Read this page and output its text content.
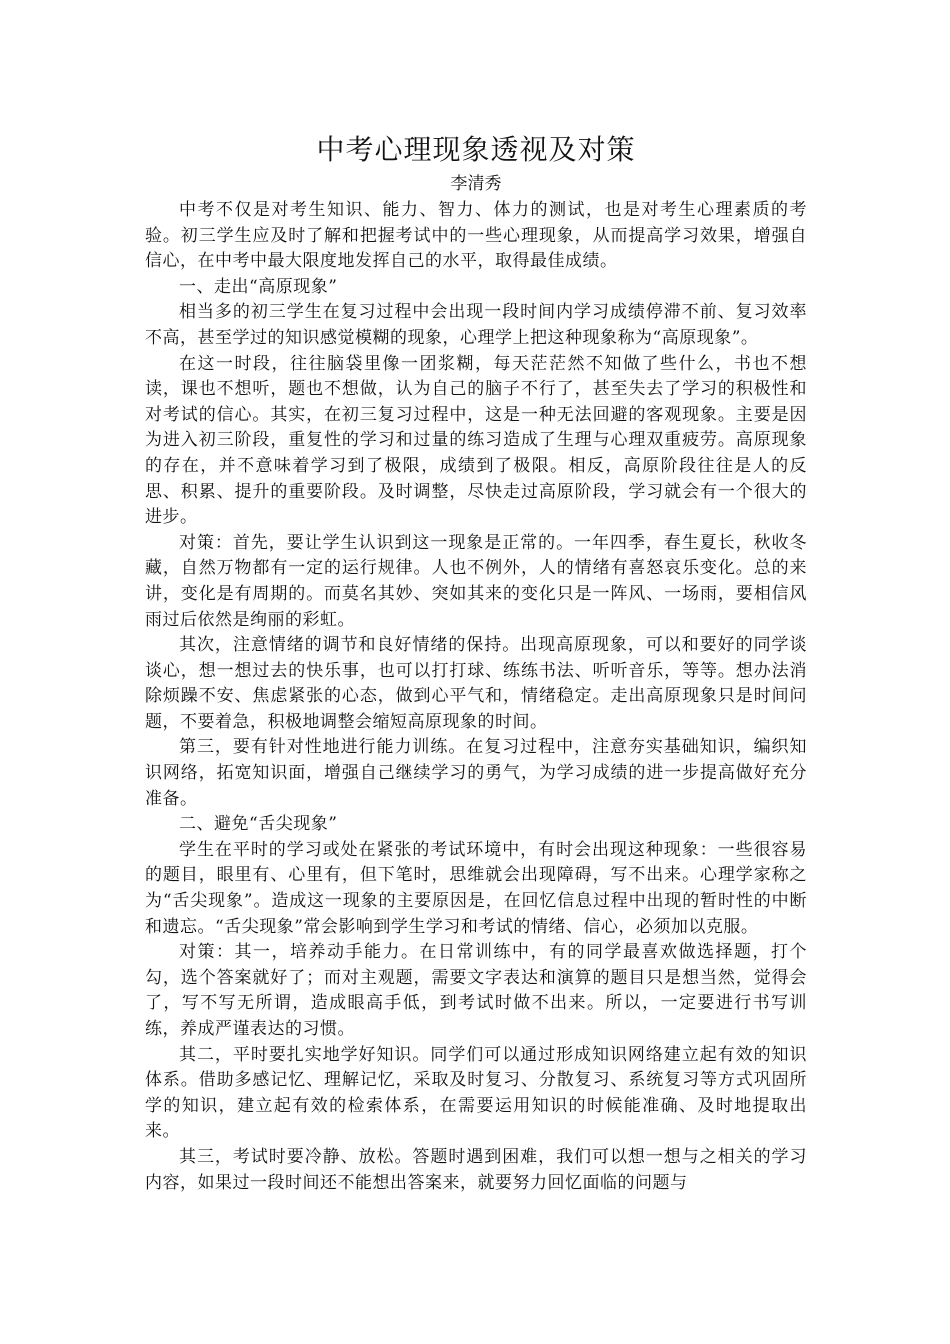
中考心理现象透视及对策
李清秀

中考不仅是对考生知识、能力、智力、体力的测试，也是对考生心理素质的考验。初三学生应及时了解和把握考试中的一些心理现象，从而提高学习效果，增强自信心，在中考中最大限度地发挥自己的水平，取得最佳成绩。

一、走出“高原现象”

相当多的初三学生在复习过程中会出现一段时间内学习成绩停滞不前、复习效率不高，甚至学过的知识感觉模糊的现象，心理学上把这种现象称为“高原现象”。

在这一时段，往往脑袋里像一团浆糊，每天茫茫然不知做了些什么，书也不想读，课也不想听，题也不想做，认为自己的脑子不行了，甚至失去了学习的积极性和对考试的信心。其实，在初三复习过程中，这是一种无法回避的客观现象。主要是因为进入初三阶段，重复性的学习和过量的练习造成了生理与心理双重疲劳。高原现象的存在，并不意味着学习到了极限，成绩到了极限。相反，高原阶段往往是人的反思、积累、提升的重要阶段。及时调整，尽快走过高原阶段，学习就会有一个很大的进步。

对策：首先，要让学生认识到这一现象是正常的。一年四季，春生夏长，秋收冬藏，自然万物都有一定的运行规律。人也不例外，人的情绪有喜怒哀乐变化。总的来讲，变化是有周期的。而莫名其妙、突如其来的变化只是一阵风、一场雨，要相信风雨过后依然是绚丽的彩虹。

其次，注意情绪的调节和良好情绪的保持。出现高原现象，可以和要好的同学谈谈心，想一想过去的快乐事，也可以打打球、练练书法、听听音乐，等等。想办法消除烦躁不安、焦虑紧张的心态，做到心平气和，情绪稳定。走出高原现象只是时间问题，不要着急，积极地调整会缩短高原现象的时间。

第三，要有针对性地进行能力训练。在复习过程中，注意夯实基础知识，编织知识网络，拓宽知识面，增强自己继续学习的勇气，为学习成绩的进一步提高做好充分准备。

二、避免“舌尖现象”

学生在平时的学习或处在紧张的考试环境中，有时会出现这种现象：一些很容易的题目，眼里有、心里有，但下笔时，思维就会出现障碍，写不出来。心理学家称之为“舌尖现象”。造成这一现象的主要原因是，在回忆信息过程中出现的暂时性的中断和遗忘。“舌尖现象”常会影响到学生学习和考试的情绪、信心，必须加以克服。

对策：其一，培养动手能力。在日常训练中，有的同学最喜欢做选择题，打个勾，选个答案就好了；而对主观题，需要文字表达和演算的题目只是想当然，觉得会了，写不写无所谓，造成眼高手低，到考试时做不出来。所以，一定要进行书写训练，养成严谨表达的习惯。

其二，平时要扎实地学好知识。同学们可以通过形成知识网络建立起有效的知识体系。借助多感记忆、理解记忆，采取及时复习、分散复习、系统复习等方式巩固所学的知识，建立起有效的检索体系，在需要运用知识的时候能准确、及时地提取出来。

其三，考试时要冷静、放松。答题时遇到困难，我们可以想一想与之相关的学习内容，如果过一段时间还不能想出答案来，就要努力回忆面临的问题与
